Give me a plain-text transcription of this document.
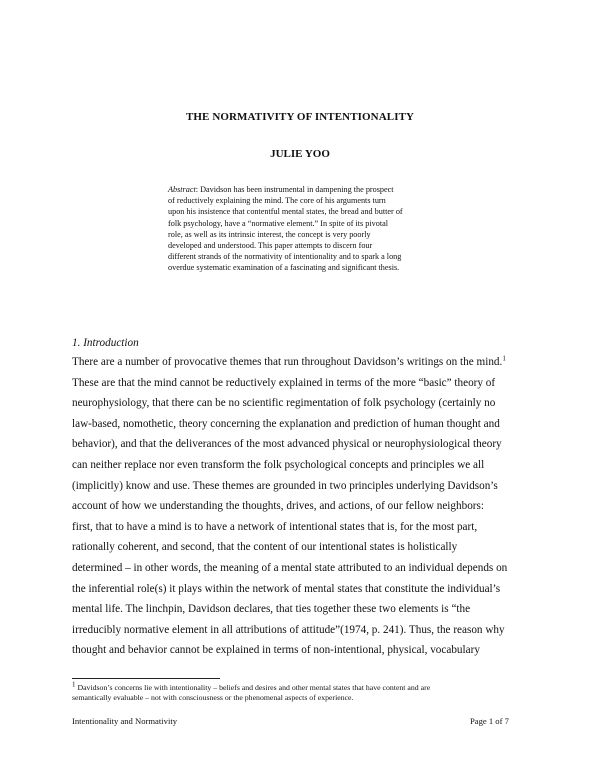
THE NORMATIVITY OF INTENTIONALITY
JULIE YOO
Abstract: Davidson has been instrumental in dampening the prospect
of reductively explaining the mind. The core of his arguments turn
upon his insistence that contentful mental states, the bread and butter of
folk psychology, have a “normative element.” In spite of its pivotal
role, as well as its intrinsic interest, the concept is very poorly
developed and understood. This paper attempts to discern four
different strands of the normativity of intentionality and to spark a long
overdue systematic examination of a fascinating and significant thesis.
1. Introduction
There are a number of provocative themes that run throughout Davidson’s writings on the mind.$^1$
These are that the mind cannot be reductively explained in terms of the more “basic” theory of
neurophysiology, that there can be no scientific regimentation of folk psychology (certainly no
law-based, nomothetic, theory concerning the explanation and prediction of human thought and
behavior), and that the deliverances of the most advanced physical or neurophysiological theory
can neither replace nor even transform the folk psychological concepts and principles we all
(implicitly) know and use. These themes are grounded in two principles underlying Davidson’s
account of how we understanding the thoughts, drives, and actions, of our fellow neighbors:
first, that to have a mind is to have a network of intentional states that is, for the most part,
rationally coherent, and second, that the content of our intentional states is holistically
determined – in other words, the meaning of a mental state attributed to an individual depends on
the inferential role(s) it plays within the network of mental states that constitute the individual’s
mental life. The linchpin, Davidson declares, that ties together these two elements is “the
irreducibly normative element in all attributions of attitude”(1974, p. 241). Thus, the reason why
thought and behavior cannot be explained in terms of non-intentional, physical, vocabulary
$^1$ Davidson’s concerns lie with intentionality – beliefs and desires and other mental states that have content and are
semantically evaluable – not with consciousness or the phenomenal aspects of experience.
Intentionality and Normativity	Page 1 of 7
